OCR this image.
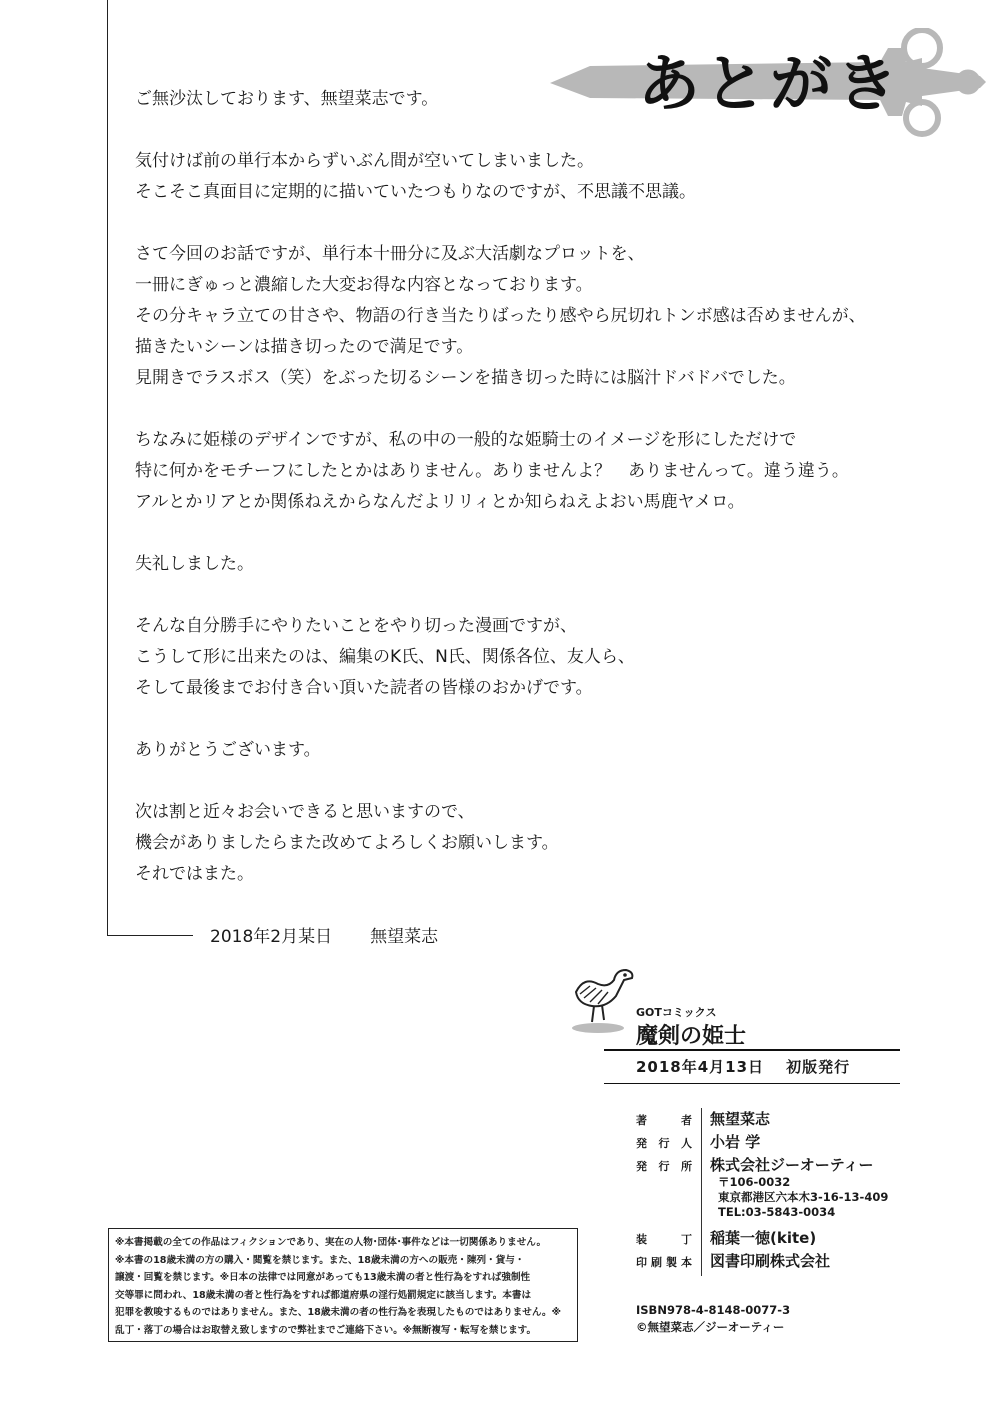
あとがき
ご無沙汰しております、無望菜志です。
気付けば前の単行本からずいぶん間が空いてしまいました。
そこそこ真面目に定期的に描いていたつもりなのですが、不思議不思議。
さて今回のお話ですが、単行本十冊分に及ぶ大活劇なプロットを、
一冊にぎゅっと濃縮した大変お得な内容となっております。
その分キャラ立ての甘さや、物語の行き当たりばったり感やら尻切れトンボ感は否めませんが、
描きたいシーンは描き切ったので満足です。
見開きでラスボス（笑）をぶった切るシーンを描き切った時には脳汁ドバドバでした。
ちなみに姫様のデザインですが、私の中の一般的な姫騎士のイメージを形にしただけで
特に何かをモチーフにしたとかはありません。ありませんよ？　ありませんって。違う違う。
アルとかリアとか関係ねえからなんだよリリィとか知らねえよおい馬鹿ヤメロ。
失礼しました。
そんな自分勝手にやりたいことをやり切った漫画ですが、
こうして形に出来たのは、編集のK氏、N氏、関係各位、友人ら、
そして最後までお付き合い頂いた読者の皆様のおかげです。
ありがとうございます。
次は割と近々お会いできると思いますので、
機会がありましたらまた改めてよろしくお願いします。
それではまた。
2018年2月某日 無望菜志
GOTコミックス
魔剣の姫士
2018年4月13日 初版発行
著者 無望菜志
発行人 小岩 学
発行所 株式会社ジーオーティー
〒106-0032
東京都港区六本木3-16-13-409
TEL:03-5843-0034
装丁 稲葉一徳(kite)
印刷製本 図書印刷株式会社
ISBN978-4-8148-0077-3
©無望菜志／ジーオーティー
※本書掲載の全ての作品はフィクションであり、実在の人物･団体･事件などは一切関係ありません。
※本書の18歳未満の方の購入・閲覧を禁じます。また、18歳未満の方への販売・陳列・貸与・
譲渡・回覧を禁じます。※日本の法律では同意があっても13歳未満の者と性行為をすれば強制性
交等罪に問われ、18歳未満の者と性行為をすれば都道府県の淫行処罰規定に該当します。本書は
犯罪を教唆するものではありません。また、18歳未満の者の性行為を表現したものではありません。※
乱丁・落丁の場合はお取替え致しますので弊社までご連絡下さい。※無断複写・転写を禁じます。
